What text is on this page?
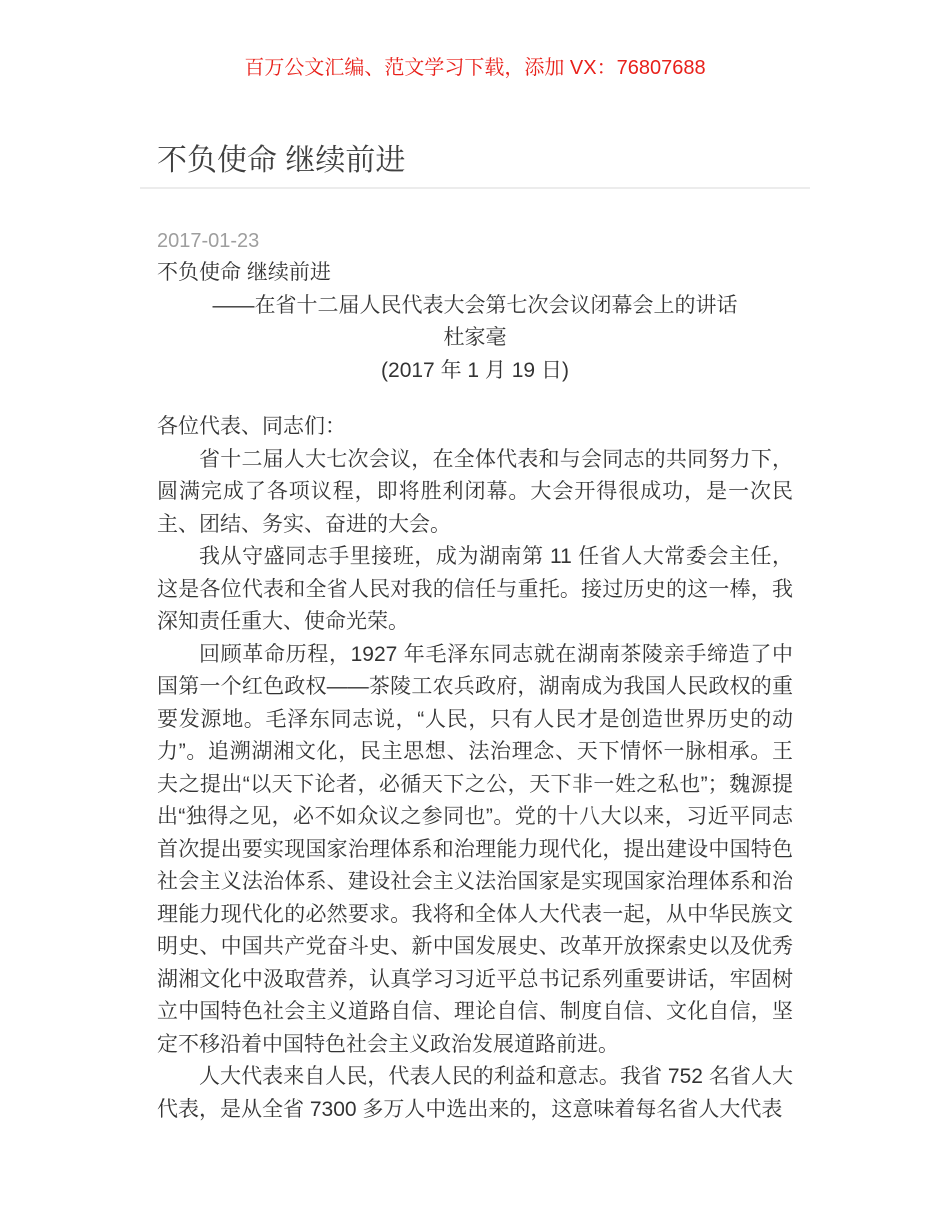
百万公文汇编、范文学习下载，添加 VX：76807688
不负使命 继续前进
2017-01-23

不负使命 继续前进

——在省十二届人民代表大会第七次会议闭幕会上的讲话

杜家毫

(2017 年 1 月 19 日)

各位代表、同志们：

省十二届人大七次会议，在全体代表和与会同志的共同努力下，圆满完成了各项议程，即将胜利闭幕。大会开得很成功，是一次民主、团结、务实、奋进的大会。

我从守盛同志手里接班，成为湖南第 11 任省人大常委会主任，这是各位代表和全省人民对我的信任与重托。接过历史的这一棒，我深知责任重大、使命光荣。

回顾革命历程，1927 年毛泽东同志就在湖南茶陵亲手缔造了中国第一个红色政权——茶陵工农兵政府，湖南成为我国人民政权的重要发源地。毛泽东同志说，“人民，只有人民才是创造世界历史的动力”。追溯湖湘文化，民主思想、法治理念、天下情怀一脉相承。王夫之提出“以天下论者，必循天下之公，天下非一姓之私也”；魏源提出“独得之见，必不如众议之参同也”。党的十八大以来，习近平同志首次提出要实现国家治理体系和治理能力现代化，提出建设中国特色社会主义法治体系、建设社会主义法治国家是实现国家治理体系和治理能力现代化的必然要求。我将和全体人大代表一起，从中华民族文明史、中国共产党奋斗史、新中国发展史、改革开放探索史以及优秀湖湘文化中汲取营养，认真学习习近平总书记系列重要讲话，牢固树立中国特色社会主义道路自信、理论自信、制度自信、文化自信，坚定不移沿着中国特色社会主义政治发展道路前进。

人大代表来自人民，代表人民的利益和意志。我省 752 名省人大代表，是从全省 7300 多万人中选出来的，这意味着每名省人大代表
